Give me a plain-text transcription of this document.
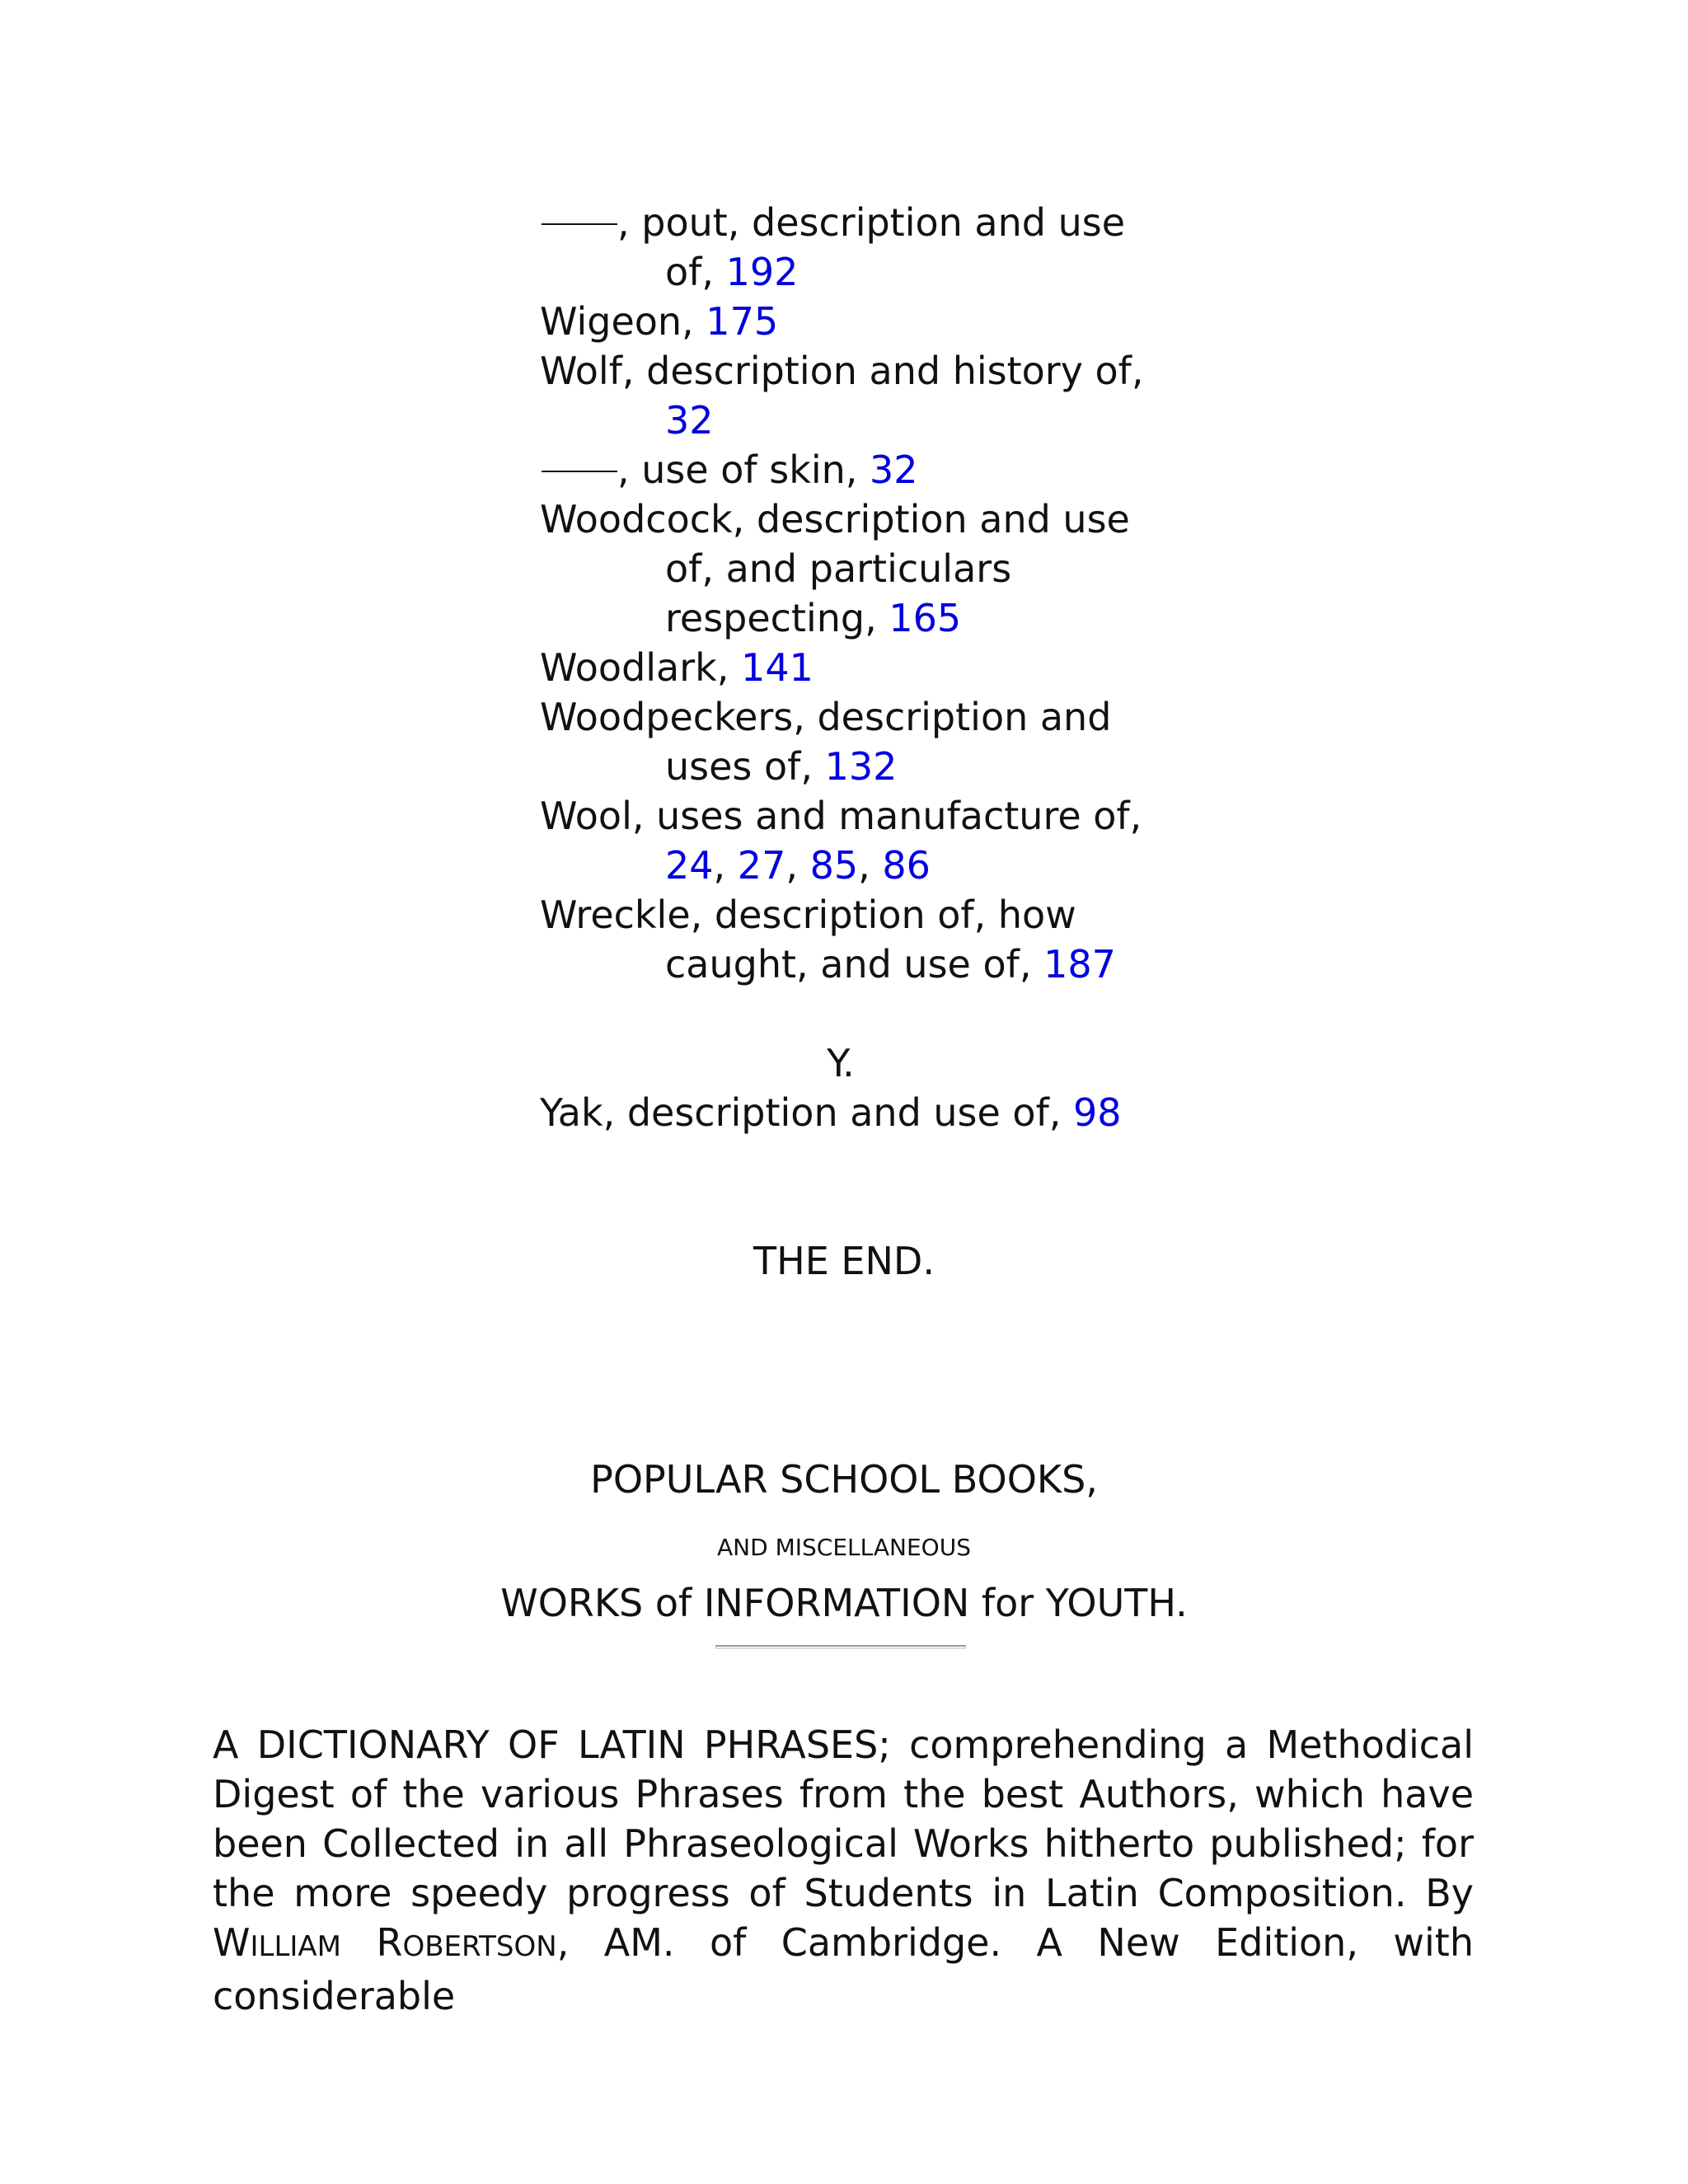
, pout, description and use of, 192

Wigeon, 175

Wolf, description and history of, 32

, use of skin, 32

Woodcock, description and use of, and particulars respecting, 165

Woodlark, 141

Woodpeckers, description and uses of, 132

Wool, uses and manufacture of, 24, 27, 85, 86

Wreckle, description of, how caught, and use of, 187

Y.

Yak, description and use of, 98

THE END.
POPULAR SCHOOL BOOKS,
AND MISCELLANEOUS
WORKS of INFORMATION for YOUTH.

A DICTIONARY OF LATIN PHRASES; comprehending a Methodical Digest of the various Phrases from the best Authors, which have been Collected in all Phraseological Works hitherto published; for the more speedy progress of Students in Latin Composition. By WILLIAM ROBERTSON, AM. of Cambridge. A New Edition, with considerable
